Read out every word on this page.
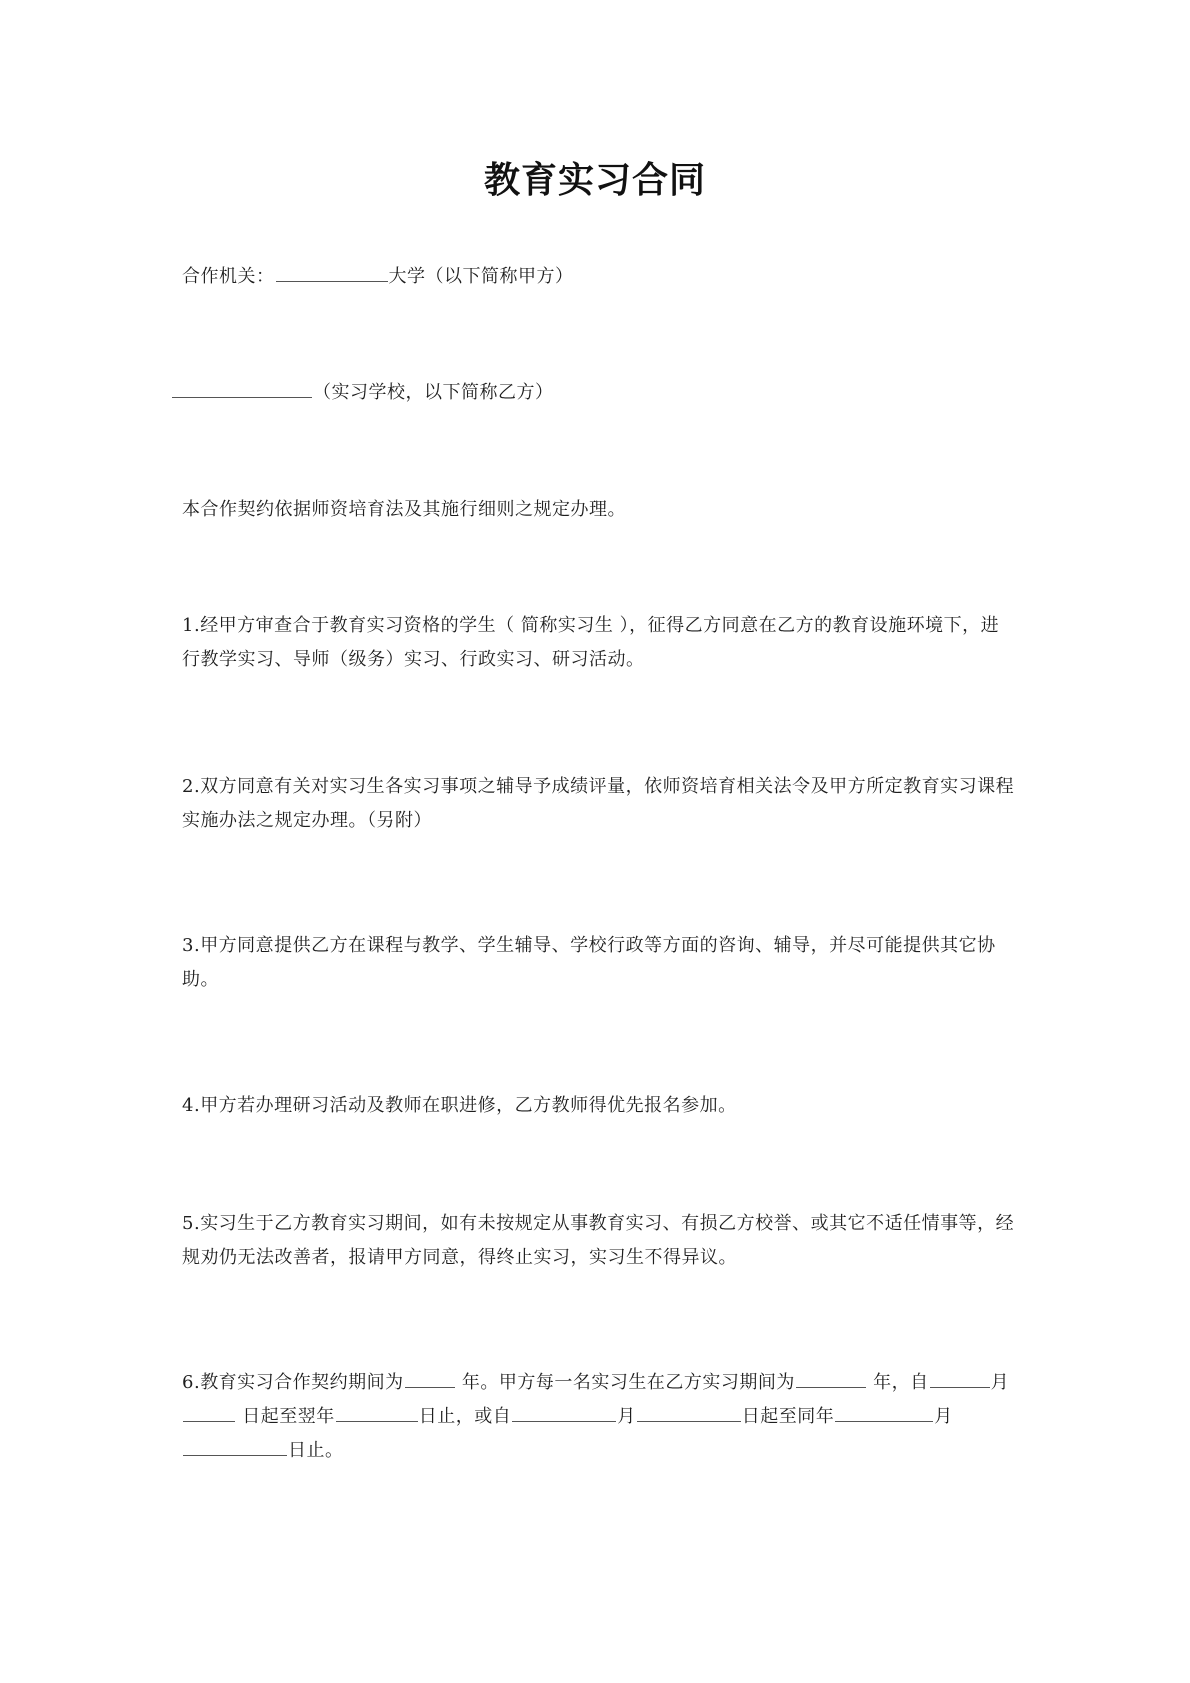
教育实习合同

合作机关：	大学（以下简称甲方）

（实习学校，以下简称乙方）

本合作契约依据师资培育法及其施行细则之规定办理。

1.经甲方审查合于教育实习资格的学生（ 简称实习生 ），征得乙方同意在乙方的教育设施环境下，进行教学实习、导师（级务）实习、行政实习、研习活动。

2.双方同意有关对实习生各实习事项之辅导予成绩评量，依师资培育相关法令及甲方所定教育实习课程实施办法之规定办理。（另附）

3.甲方同意提供乙方在课程与教学、学生辅导、学校行政等方面的咨询、辅导，并尽可能提供其它协助。

4.甲方若办理研习活动及教师在职进修，乙方教师得优先报名参加。

5.实习生于乙方教育实习期间，如有未按规定从事教育实习、有损乙方校誉、或其它不适任情事等，经规劝仍无法改善者，报请甲方同意，得终止实习，实习生不得异议。

6.教育实习合作契约期间为	年。甲方每一名实习生在乙方实习期间为	年，自	月 日起至翌年	日止，或自	月	日起至同年	月日止。
